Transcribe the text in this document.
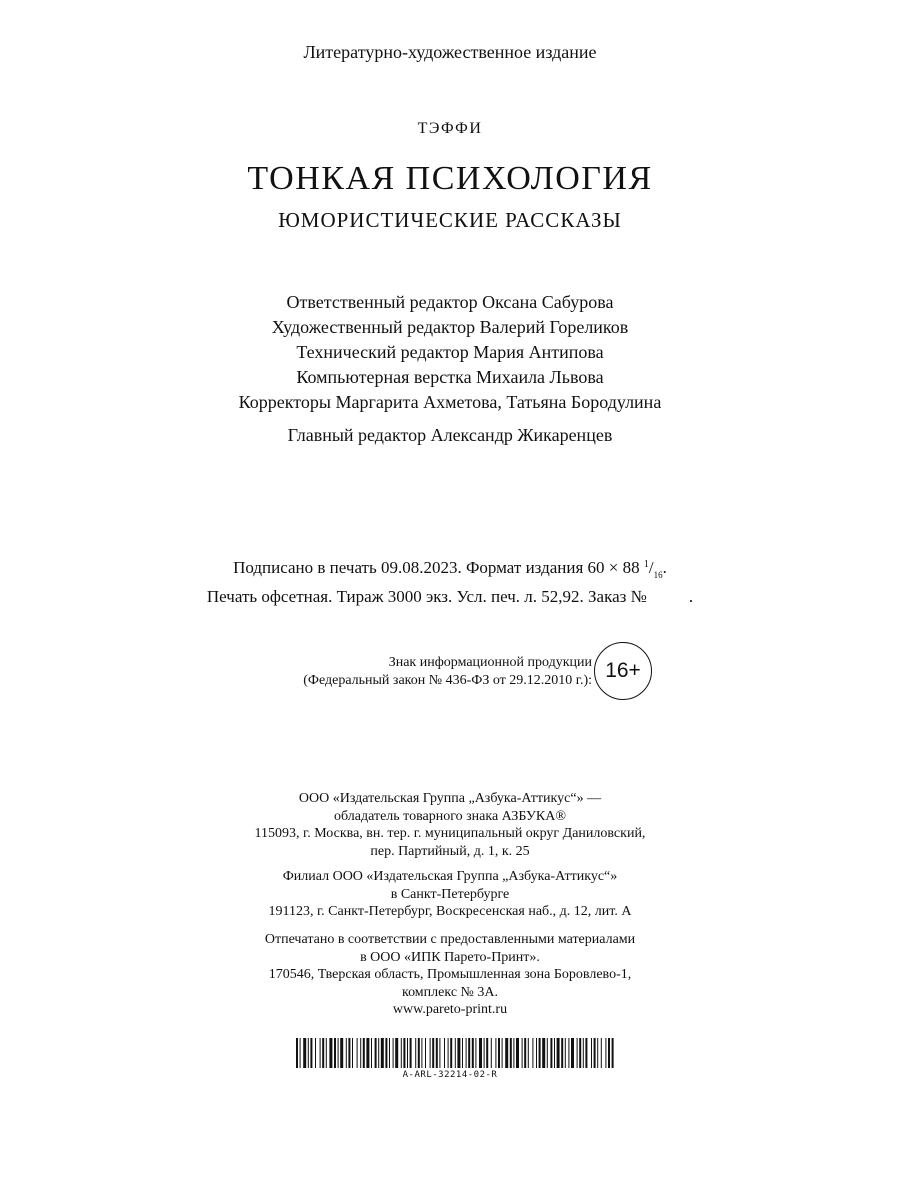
Литературно-художественное издание
ТЭФФИ
ТОНКАЯ ПСИХОЛОГИЯ
ЮМОРИСТИЧЕСКИЕ РАССКАЗЫ
Ответственный редактор Оксана Сабурова
Художественный редактор Валерий Гореликов
Технический редактор Мария Антипова
Компьютерная верстка Михаила Львова
Корректоры Маргарита Ахметова, Татьяна Бородулина
Главный редактор Александр Жикаренцев
Подписано в печать 09.08.2023. Формат издания 60 × 88 $^1/_{16}$.
Печать офсетная. Тираж 3000 экз. Усл. печ. л. 52,92. Заказ № .
Знак информационной продукции
(Федеральный закон № 436-ФЗ от 29.12.2010 г.): 16+
ООО «Издательская Группа „Азбука-Аттикус“» —
обладатель товарного знака АЗБУКА®
115093, г. Москва, вн. тер. г. муниципальный округ Даниловский,
пер. Партийный, д. 1, к. 25
Филиал ООО «Издательская Группа „Азбука-Аттикус“»
в Санкт-Петербурге
191123, г. Санкт-Петербург, Воскресенская наб., д. 12, лит. А
Отпечатано в соответствии с предоставленными материалами
в ООО «ИПК Парето-Принт».
170546, Тверская область, Промышленная зона Боровлево-1,
комплекс № 3А.
www.pareto-print.ru
A-ARL-32214-02-R
